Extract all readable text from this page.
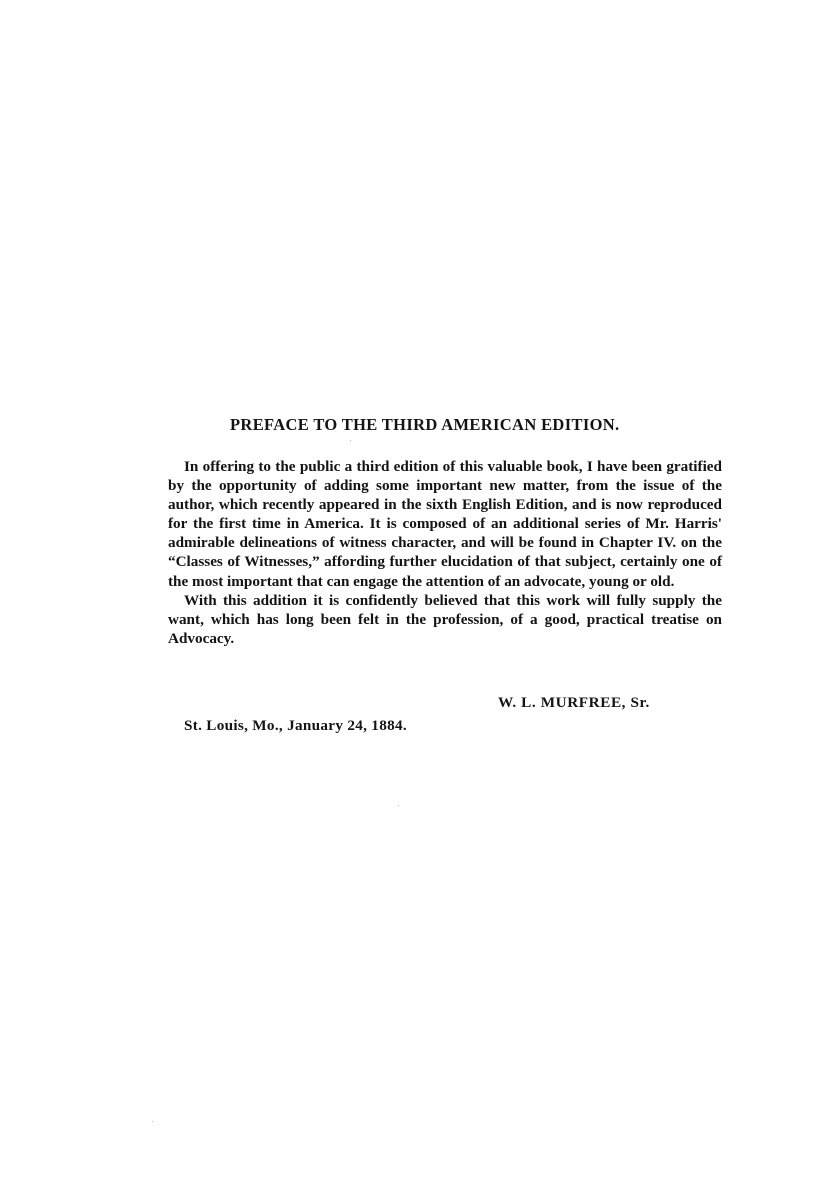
PREFACE TO THE THIRD AMERICAN EDITION.

In offering to the public a third edition of this valuable book, I have been gratified by the opportunity of adding some important new matter, from the issue of the author, which recently appeared in the sixth English Edition, and is now reproduced for the first time in America. It is composed of an additional series of Mr. Harris' admirable delineations of witness character, and will be found in Chapter IV. on the “Classes of Witnesses,” affording further elucidation of that subject, certainly one of the most important that can engage the attention of an advocate, young or old.

With this addition it is confidently believed that this work will fully supply the want, which has long been felt in the profession, of a good, practical treatise on Advocacy.

W. L. MURFREE, Sr.
St. Louis, Mo., January 24, 1884.
